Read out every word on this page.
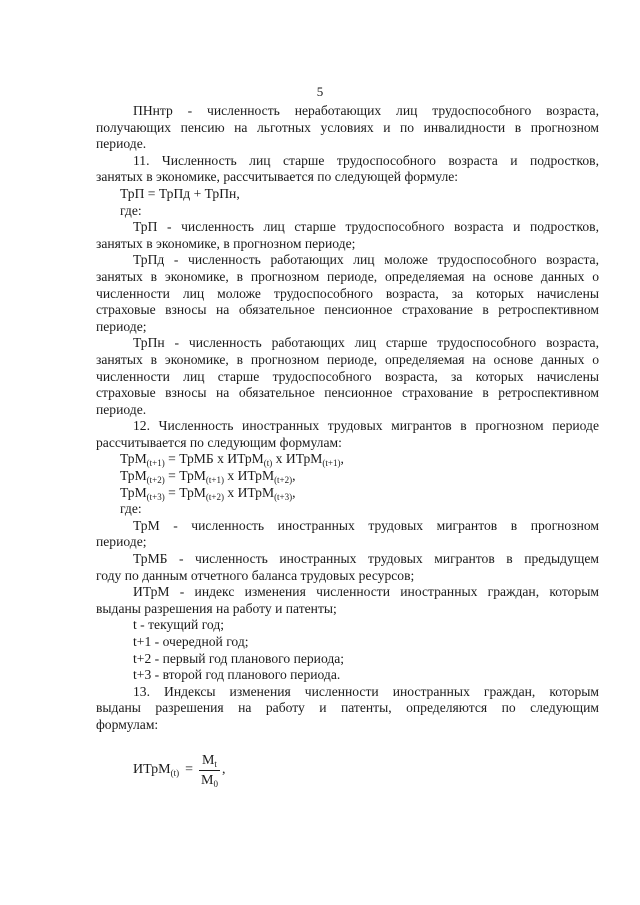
5
ПНнтр - численность неработающих лиц трудоспособного возраста,
получающих пенсию на льготных условиях и по инвалидности в прогнозном
периоде.
11. Численность лиц старше трудоспособного возраста и подростков,
занятых в экономике, рассчитывается по следующей формуле:
ТрП = ТрПд + ТрПн,
где:
ТрП - численность лиц старше трудоспособного возраста и подростков,
занятых в экономике, в прогнозном периоде;
ТрПд - численность работающих лиц моложе трудоспособного возраста,
занятых в экономике, в прогнозном периоде, определяемая на основе данных о
численности лиц моложе трудоспособного возраста, за которых начислены
страховые взносы на обязательное пенсионное страхование в ретроспективном
периоде;
ТрПн - численность работающих лиц старше трудоспособного возраста,
занятых в экономике, в прогнозном периоде, определяемая на основе данных о
численности лиц старше трудоспособного возраста, за которых начислены
страховые взносы на обязательное пенсионное страхование в ретроспективном
периоде.
12. Численность иностранных трудовых мигрантов в прогнозном периоде
рассчитывается по следующим формулам:
ТрМ$_{(t+1)}$ = ТрМБ х ИТрМ$_{(t)}$ х ИТрМ$_{(t+1)}$,
ТрМ$_{(t+2)}$ = ТрМ$_{(t+1)}$ х ИТрМ$_{(t+2)}$,
ТрМ$_{(t+3)}$ = ТрМ$_{(t+2)}$ х ИТрМ$_{(t+3)}$,
где:
ТрМ - численность иностранных трудовых мигрантов в прогнозном
периоде;
ТрМБ - численность иностранных трудовых мигрантов в предыдущем
году по данным отчетного баланса трудовых ресурсов;
ИТрМ - индекс изменения численности иностранных граждан, которым
выданы разрешения на работу и патенты;
t - текущий год;
t+1 - очередной год;
t+2 - первый год планового периода;
t+3 - второй год планового периода.
13. Индексы изменения численности иностранных граждан, которым
выданы разрешения на работу и патенты, определяются по следующим
формулам:
ИТрМ$_{(t)}$ = $\frac{M_t}{M_0}$ ,
